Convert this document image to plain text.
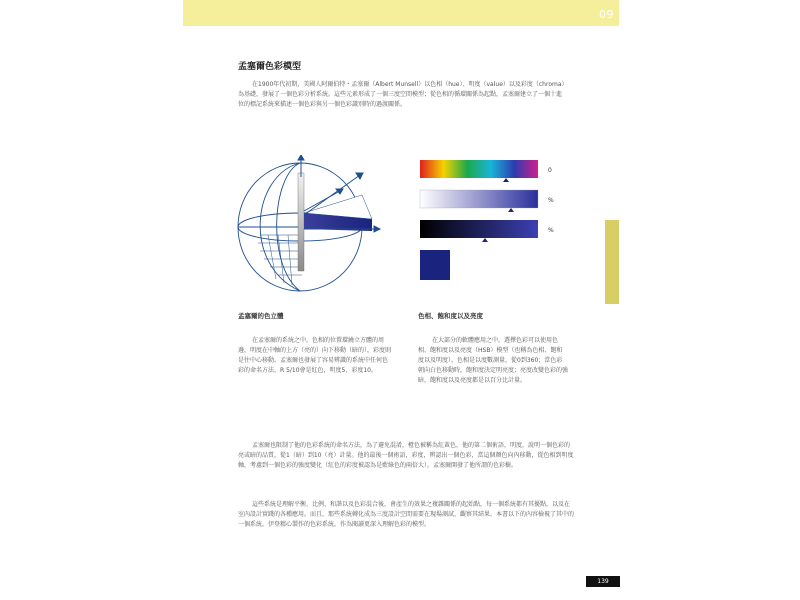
09
孟塞爾色彩模型

在1900年代初期，美國人阿爾伯特・孟塞爾（Albert Munsell）以色相（hue）、明度（value）以及彩度（chroma）為基礎，發展了一個色彩分析系統。這些元素形成了一個三度空間模型；從色相的循環關係為起點，孟塞爾建立了一個十進位的標記系統來描述一個色彩與另一個色彩識別時的過渡關係。

0
%
%
孟塞爾的色立體	色相、飽和度以及亮度

在孟塞爾的系統之中，色相的位置環繞立方體的周邊，明度在中軸的上方（亮的）向下移動（暗的），彩度則是往中心移動。孟塞爾也發展了容易辨識的系統中任何色彩的命名方法。R 5/10會是紅色，明度5，彩度10。

在大部分的軟體應用之中，選擇色彩可以使用色相、飽和度以及亮度（HSB）模型（也稱為色相、飽和度以及明度）。色相是以度數測量，從0到360；當色彩朝向白色移動時，飽和度決定明亮度；亮度改變色彩的強暗，飽和度以及亮度都是以百分比計量。

孟塞爾也限制了他的色彩系統的命名方法，為了避免混淆，橙色被稱為紅黃色，他的第二個術語，明度，說明一個色彩的亮或暗的品質，從1（暗）到10（亮）計量。他的最後一個術語，彩度，辨認出一個色彩，當這個顏色向內移動，從色相到明度軸，考慮到一個色彩的強度變化（紅色的彩度被認為是藍綠色的兩倍大）。孟塞爾開發了他所謂的色彩樹。

這些系統是理解平衡、比例、和諧以及色彩混合後，會產生的效果之複雜關係的起始點，每一個系統都有其優點，以及在室內設計實踐的各種應用。而且，那些系統轉化成為三度設計空間需要在現場測試，觀察其結果。本書以下的內容檢視了其中的一個系統，伊登精心製作的色彩系統，作為閱讀更深入理解色彩的模型。

139
